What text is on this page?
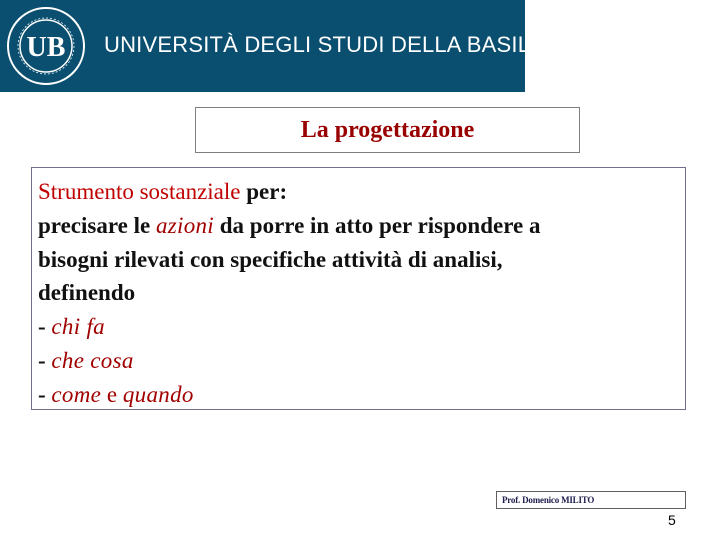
UB UNIVERSITÀ DEGLI STUDI DELLA BASILICATA
La progettazione

Strumento sostanziale per:

precisare le azioni da porre in atto per rispondere a

bisogni rilevati con specifiche attività di analisi,

definendo

- chi fa

- che cosa

- come e quando

Prof. Domenico MILITO
5
